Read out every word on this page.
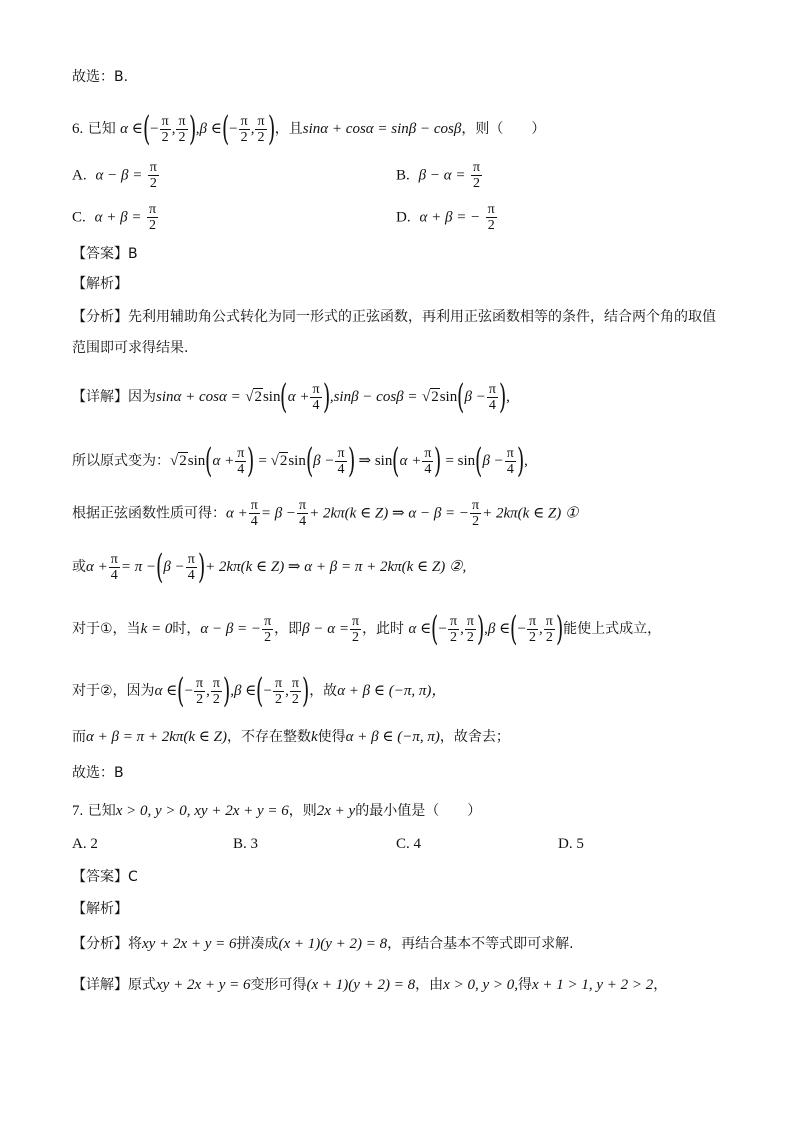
故选：B.
6. 已知 α ∈(− $\frac{\pi}{2}$ , $\frac{\pi}{2} ),\beta$ ∈(− $\frac{\pi}{2}$ , $\frac{\pi}{2}$ )，且sinα + cosα = sinβ − cosβ，则（　　）
A. $\alpha - \beta = \frac{\pi}{2}$	B. $\beta - \alpha = \frac{\pi}{2}$
C. $\alpha + \beta = \frac{\pi}{2}$	D. α + β = − $\frac{\pi}{2}$
【答案】B
【解析】
【分析】先利用辅助角公式转化为同一形式的正弦函数，再利用正弦函数相等的条件，结合两个角的取值
范围即可求得结果.
【详解】因为$\sin\alpha + \cos\alpha = √2\sin(\alpha + \frac{\pi}{4} ),\sin\beta - \cos\beta = √2\sin(\beta - \frac{\pi}{4}$ ),
所以原式变为：$√2\sin(\alpha + \frac{\pi}{4}$ ) = $√2\sin(\beta - \frac{\pi}{4}$ ) ⇒ $\sin(\alpha + \frac{\pi}{4}$ ) = $\sin(\beta - \frac{\pi}{4}$ ),
根据正弦函数性质可得：$\alpha + \frac{\pi}{4} = \beta - \frac{\pi}{4} + 2k\pi(k$ ∈ Z) ⇒ α − β = − $\frac{\pi}{2} + 2k\pi(k$ ∈ Z) ①
或$\alpha + \frac{\pi}{4} = \pi -(\beta - \frac{\pi}{4}$ )+ 2kπ(k ∈ Z) ⇒ α + β = π + 2kπ(k ∈ Z) ②,
对于①，当k = 0时，α − β = − $\frac{\pi}{2}$ ，即$\beta - \alpha = \frac{\pi}{2}$ ，此时 α ∈(− $\frac{\pi}{2}$ , $\frac{\pi}{2} ),\beta$ ∈(− $\frac{\pi}{2}$ , $\frac{\pi}{2}$ )能使上式成立，
对于②，因为α ∈(− $\frac{\pi}{2}$ , $\frac{\pi}{2} ),\beta$ ∈(− $\frac{\pi}{2}$ , $\frac{\pi}{2}$ )，故α + β ∈ (−π, π)，
而α + β = π + 2kπ(k ∈ Z)，不存在整数k使得α + β ∈ (−π, π)，故舍去；
故选：B
7. 已知x > 0, y > 0, xy + 2x + y = 6，则2x + y的最小值是（　　）
A. 2	B. 3	C. 4	D. 5
【答案】C
【解析】
【分析】将xy + 2x + y = 6拼凑成(x + 1)(y + 2) = 8，再结合基本不等式即可求解.
【详解】原式xy + 2x + y = 6变形可得(x + 1)(y + 2) = 8，由x > 0, y > 0,得x + 1 > 1, y + 2 > 2，
